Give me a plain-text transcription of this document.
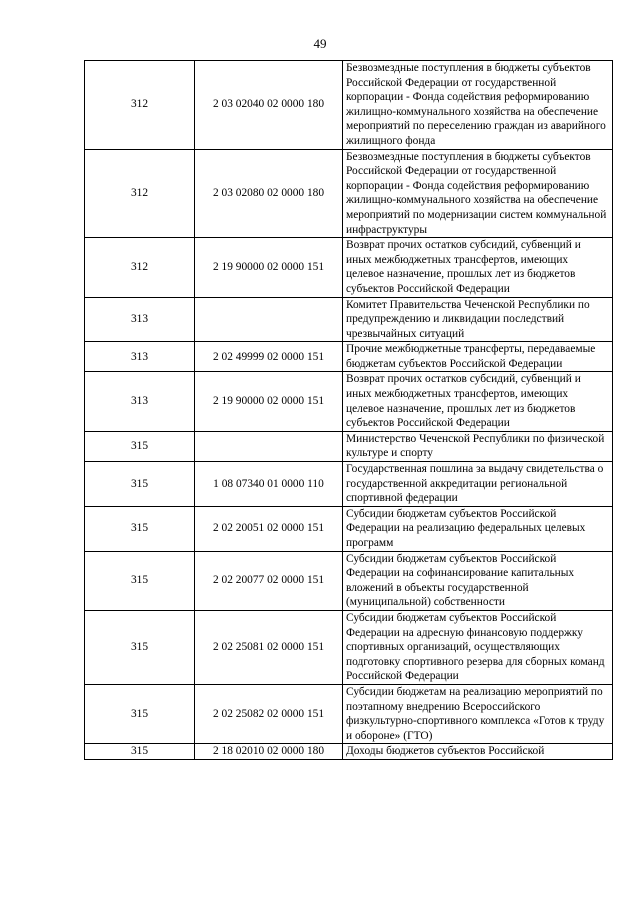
49
312	2 03 02040 02 0000 180	Безвозмездные поступления в бюджеты субъектов Российской Федерации от государственной корпорации - Фонда содействия реформированию жилищно-коммунального хозяйства на обеспечение мероприятий по переселению граждан из аварийного жилищного фонда
312	2 03 02080 02 0000 180	Безвозмездные поступления в бюджеты субъектов Российской Федерации от государственной корпорации - Фонда содействия реформированию жилищно-коммунального хозяйства на обеспечение мероприятий по модернизации систем коммунальной инфраструктуры
312	2 19 90000 02 0000 151	Возврат прочих остатков субсидий, субвенций и иных межбюджетных трансфертов, имеющих целевое назначение, прошлых лет из бюджетов субъектов Российской Федерации
313		Комитет Правительства Чеченской Республики по предупреждению и ликвидации последствий чрезвычайных ситуаций
313	2 02 49999 02 0000 151	Прочие межбюджетные трансферты, передаваемые бюджетам субъектов Российской Федерации
313	2 19 90000 02 0000 151	Возврат прочих остатков субсидий, субвенций и иных межбюджетных трансфертов, имеющих целевое назначение, прошлых лет из бюджетов субъектов Российской Федерации
315		Министерство Чеченской Республики по физической культуре и спорту
315	1 08 07340 01 0000 110	Государственная пошлина за выдачу свидетельства о государственной аккредитации региональной спортивной федерации
315	2 02 20051 02 0000 151	Субсидии бюджетам субъектов Российской Федерации на реализацию федеральных целевых программ
315	2 02 20077 02 0000 151	Субсидии бюджетам субъектов Российской Федерации на софинансирование капитальных вложений в объекты государственной (муниципальной) собственности
315	2 02 25081 02 0000 151	Субсидии бюджетам субъектов Российской Федерации на адресную финансовую поддержку спортивных организаций, осуществляющих подготовку спортивного резерва для сборных команд Российской Федерации
315	2 02 25082 02 0000 151	Субсидии бюджетам на реализацию мероприятий по поэтапному внедрению Всероссийского физкультурно-спортивного комплекса «Готов к труду и обороне» (ГТО)
315	2 18 02010 02 0000 180	Доходы бюджетов субъектов Российской
